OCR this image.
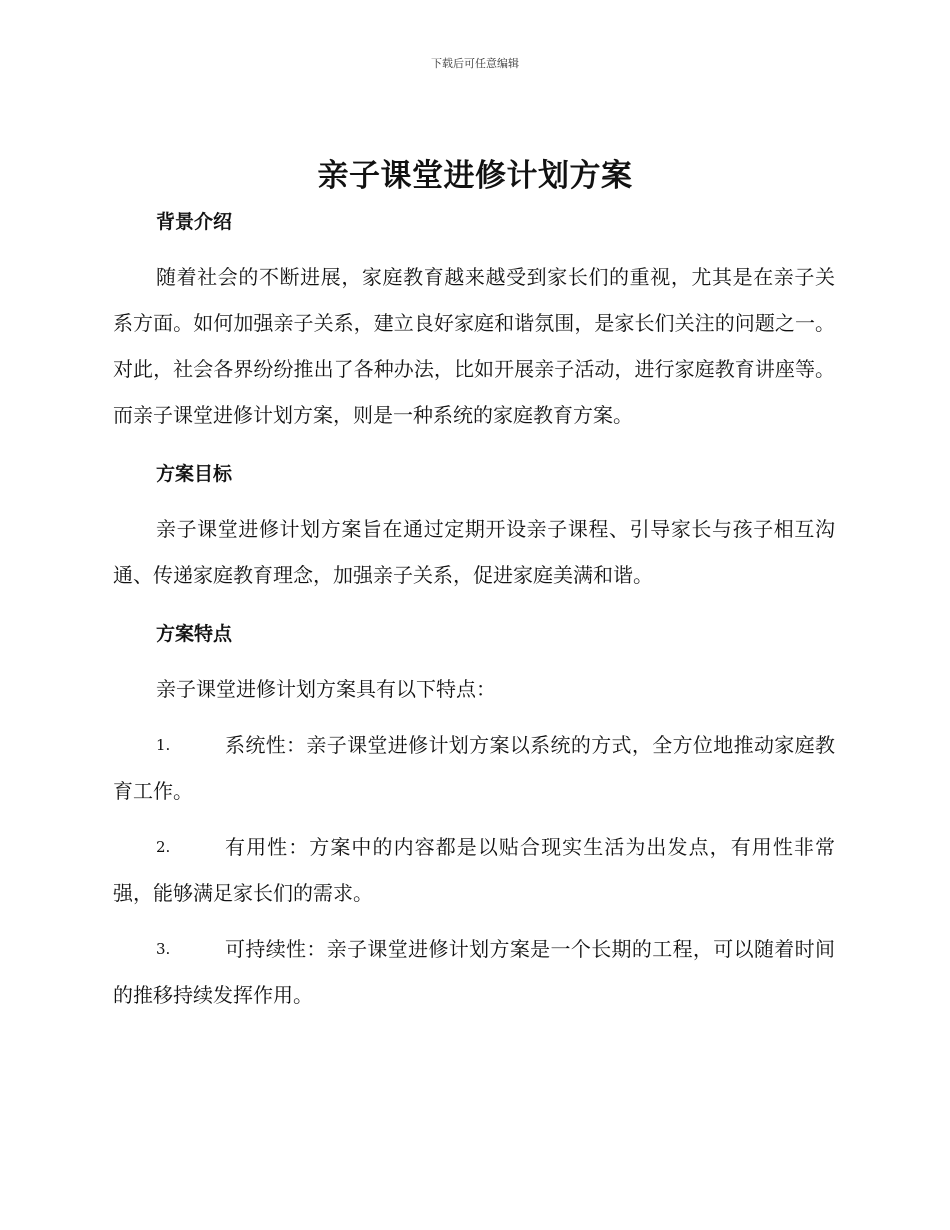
下载后可任意编辑
亲子课堂进修计划方案
背景介绍

随着社会的不断进展，家庭教育越来越受到家长们的重视，尤其是在亲子关系方面。如何加强亲子关系，建立良好家庭和谐氛围，是家长们关注的问题之一。对此，社会各界纷纷推出了各种办法，比如开展亲子活动，进行家庭教育讲座等。而亲子课堂进修计划方案，则是一种系统的家庭教育方案。

方案目标

亲子课堂进修计划方案旨在通过定期开设亲子课程、引导家长与孩子相互沟通、传递家庭教育理念，加强亲子关系，促进家庭美满和谐。

方案特点

亲子课堂进修计划方案具有以下特点：

1.	系统性：亲子课堂进修计划方案以系统的方式，全方位地推动家庭教育工作。
2.	有用性：方案中的内容都是以贴合现实生活为出发点，有用性非常强，能够满足家长们的需求。
3.	可持续性：亲子课堂进修计划方案是一个长期的工程，可以随着时间的推移持续发挥作用。
